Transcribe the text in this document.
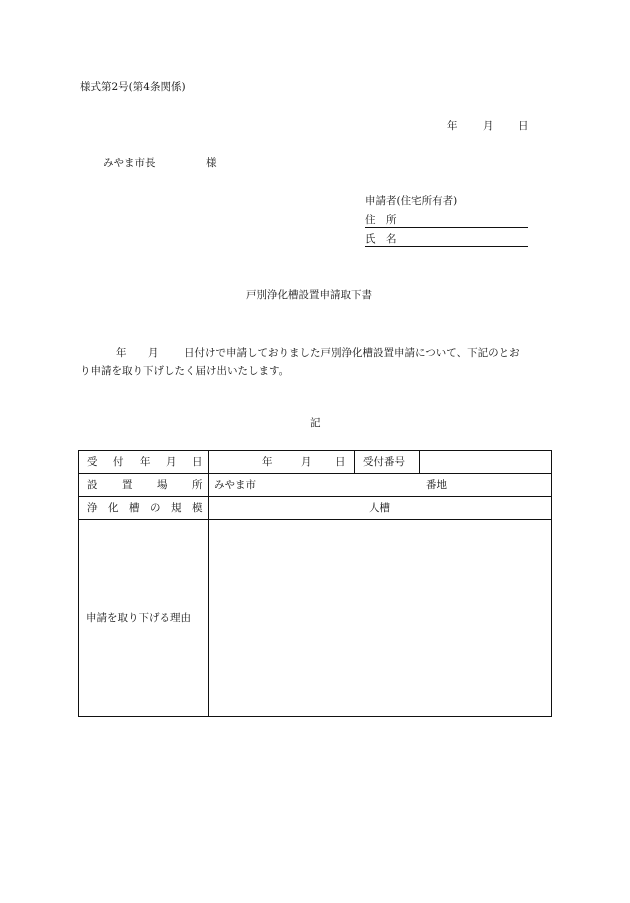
様式第2号(第4条関係)
年 月 日
みやま市長	様
申請者(住宅所有者)
住　所
氏　名
戸別浄化槽設置申請取下書
年 月 日付けで申請しておりました戸別浄化槽設置申請について、下記のとお
り申請を取り下げしたく届け出いたします。
記
受 付 年 月 日	年	月 日 受付番号
設 置 場 所 みやま市	番地
浄 化 槽 の 規 模	人槽
申請を取り下げる理由
